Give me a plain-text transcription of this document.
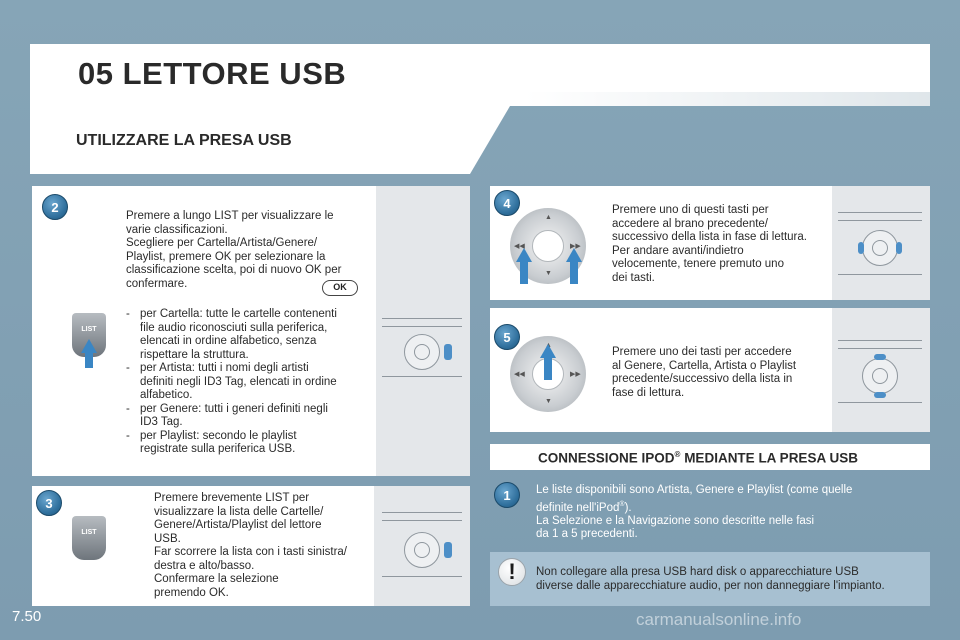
05 LETTORE USB
UTILIZZARE LA PRESA USB
2
LIST

Premere a lungo LIST per visualizzare le

varie classificazioni.

Scegliere per Cartella/Artista/Genere/

Playlist, premere OK per selezionare la

classificazione scelta, poi di nuovo OK per

confermare.	OK

- per Cartella: tutte le cartelle contenenti

file audio riconosciuti sulla periferica,

elencati in ordine alfabetico, senza

rispettare la struttura.

- per Artista: tutti i nomi degli artisti

definiti negli ID3 Tag, elencati in ordine

alfabetico.

- per Genere: tutti i generi definiti negli

ID3 Tag.

- per Playlist: secondo le playlist

registrate sulla periferica USB.

3
LIST

Premere brevemente LIST per

visualizzare la lista delle Cartelle/

Genere/Artista/Playlist del lettore

USB.

Far scorrere la lista con i tasti sinistra/

destra e alto/basso.

Confermare la selezione

premendo OK.

4
▲
▼
◀◀	▶▶

Premere uno di questi tasti per

accedere al brano precedente/

successivo della lista in fase di lettura.

Per andare avanti/indietro

velocemente, tenere premuto uno

dei tasti.

5
▲
▼
◀◀	▶▶

Premere uno dei tasti per accedere

al Genere, Cartella, Artista o Playlist

precedente/successivo della lista in

fase di lettura.

CONNESSIONE IPOD® MEDIANTE LA PRESA USB
1	Le liste disponibili sono Artista, Genere e Playlist (come quelle

definite nell'iPod®).

La Selezione e la Navigazione sono descritte nelle fasi

da 1 a 5 precedenti.

!	Non collegare alla presa USB hard disk o apparecchiature USB

diverse dalle apparecchiature audio, per non danneggiare l'impianto.

7.50	carmanualsonline.info
